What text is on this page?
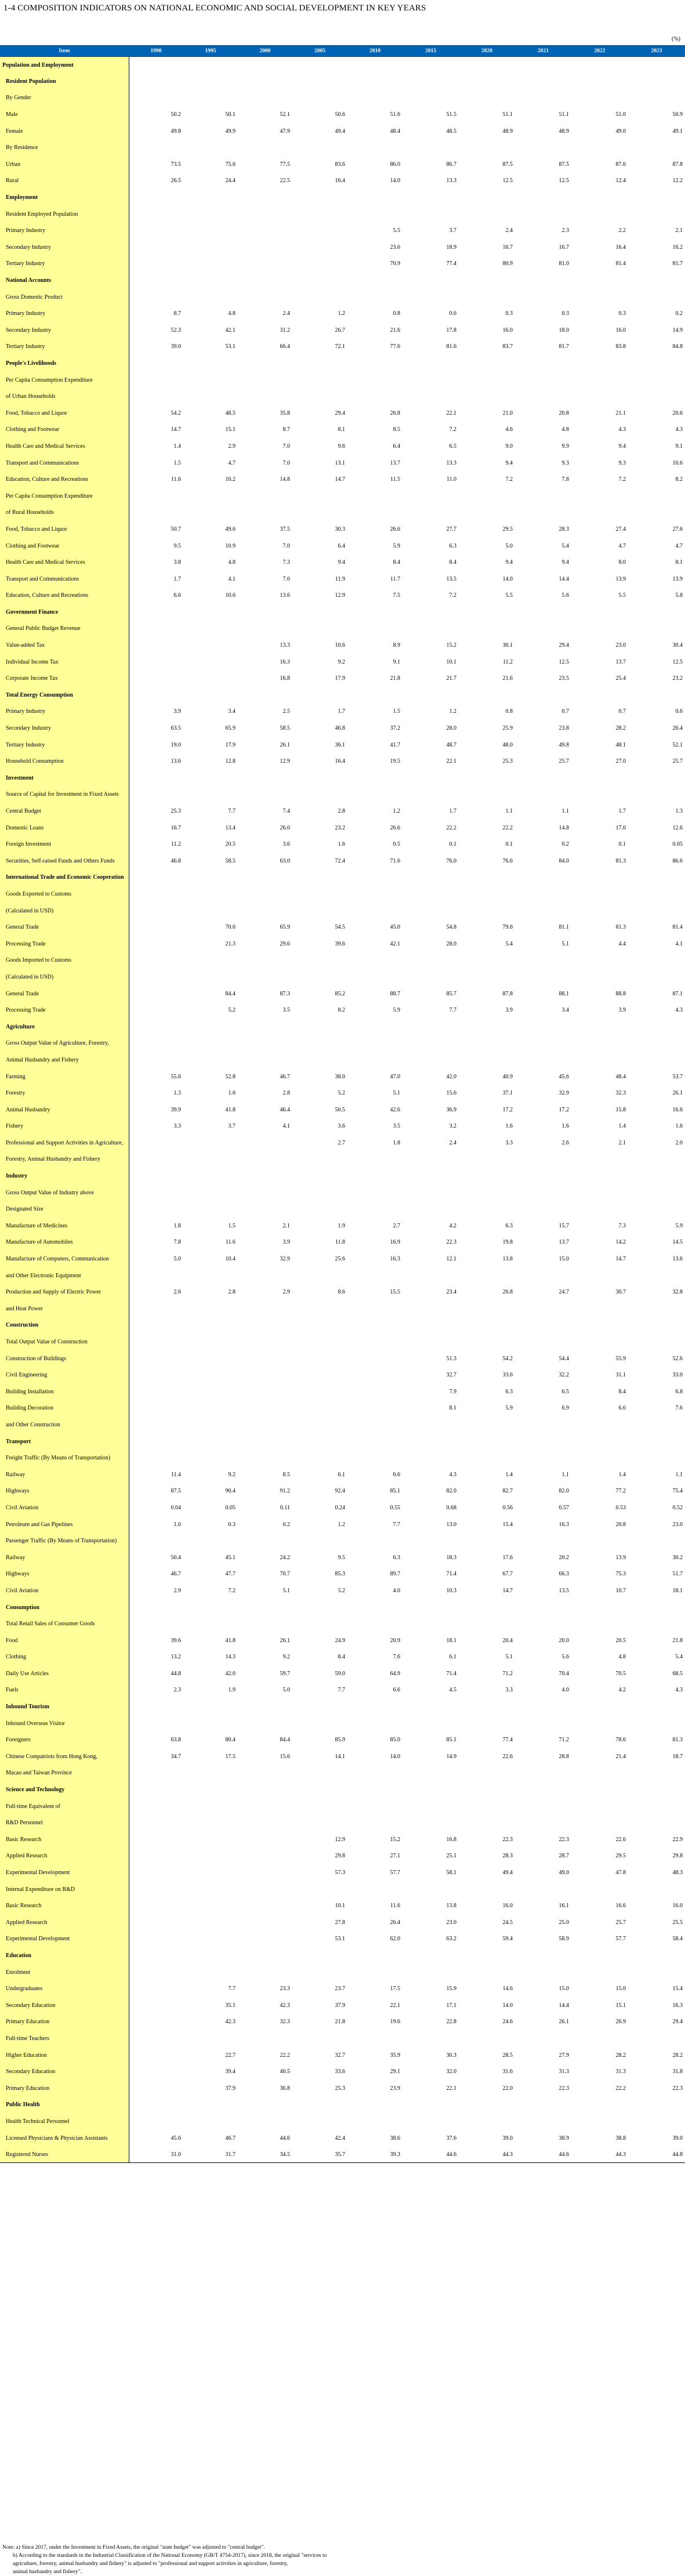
1-4 COMPOSITION INDICATORS ON NATIONAL ECONOMIC AND SOCIAL DEVELOPMENT IN KEY YEARS
(%)
Item	1990	1995	2000	2005	2010	2015	2020	2021	2022	2023
Population and Employment										
Resident Population										
By Gender										
Male	50.2	50.1	52.1	50.6	51.6	51.5	51.1	51.1	51.0	50.9
Female	49.8	49.9	47.9	49.4	48.4	48.5	48.9	48.9	49.0	49.1
By Residence										
Urban	73.5	75.6	77.5	83.6	86.0	86.7	87.5	87.5	87.6	87.8
Rural	26.5	24.4	22.5	16.4	14.0	13.3	12.5	12.5	12.4	12.2
Employment										
Resident Employed Population										
Primary Industry					5.5	3.7	2.4	2.3	2.2	2.1
Secondary Industry					23.6	18.9	16.7	16.7	16.4	16.2
Tertiary Industry					70.9	77.4	80.9	81.0	81.4	81.7
National Accounts										
Gross Domestic Product										
Primary Industry	8.7	4.8	2.4	1.2	0.8	0.6	0.3	0.3	0.3	0.2
Secondary Industry	52.3	42.1	31.2	26.7	21.6	17.8	16.0	18.0	16.0	14.9
Tertiary Industry	39.0	53.1	66.4	72.1	77.6	81.6	83.7	81.7	83.8	84.8
People's Livelihoods										
Per Capita Consumption Expenditure										
of Urban Households										
Food, Tobacco and Liquor	54.2	48.5	35.8	29.4	26.8	22.1	21.0	20.8	21.1	20.6
Clothing and Footwear	14.7	15.1	8.7	8.1	8.5	7.2	4.6	4.8	4.3	4.3
Health Care and Medical Services	1.4	2.9	7.0	9.6	6.4	6.5	9.0	9.9	9.4	9.1
Transport and Communications	1.5	4.7	7.0	13.1	13.7	13.3	9.4	9.3	9.3	10.6
Education, Culture and Recreations	11.6	10.2	14.8	14.7	11.5	11.0	7.2	7.8	7.2	8.2
Per Capita Consumption Expenditure										
of Rural Households										
Food, Tobacco and Liquor	50.7	49.6	37.5	30.3	26.6	27.7	29.5	28.3	27.4	27.6
Clothing and Footwear	9.5	10.9	7.0	6.4	5.9	6.3	5.0	5.4	4.7	4.7
Health Care and Medical Services	3.8	4.8	7.3	9.4	8.4	8.4	9.4	9.4	8.0	8.1
Transport and Communications	1.7	4.1	7.0	11.9	11.7	13.5	14.0	14.4	13.9	13.9
Education, Culture and Recreations	6.6	10.6	13.6	12.9	7.5	7.2	5.5	5.6	5.5	5.8
Government Finance										
General Public Budget Revenue										
Value-added Tax			13.3	10.6	8.9	15.2	30.1	29.4	23.0	30.4
Individual Income Tax			16.3	9.2	9.1	10.1	11.2	12.5	13.7	12.5
Corporate Income Tax			16.8	17.9	21.8	21.7	21.6	23.5	25.4	23.2
Total Energy Consumption										
Primary Industry	3.9	3.4	2.5	1.7	1.5	1.2	0.8	0.7	0.7	0.6
Secondary Industry	63.5	65.9	58.5	46.8	37.2	28.0	25.9	23.8	28.2	26.4
Tertiary Industry	19.0	17.9	26.1	36.1	41.7	48.7	48.0	49.8	48.1	52.1
Household Consumption	13.6	12.8	12.9	16.4	19.5	22.1	25.3	25.7	27.0	25.7
Investment										
Source of Capital for Investment in Fixed Assets										
Central Budget	25.3	7.7	7.4	2.8	1.2	1.7	1.1	1.1	1.7	1.3
Domestic Loans	16.7	13.4	26.0	23.2	26.6	22.2	22.2	14.8	17.0	12.6
Foreign Investment	11.2	20.5	3.6	1.6	0.5	0.1	0.1	0.2	0.1	0.05
Securities, Self-raised Funds and Others Funds	46.8	58.5	63.0	72.4	71.6	76.0	76.6	84.0	81.3	86.6
International Trade and Economic Cooperation										
Goods Exported to Customs										
(Calculated in USD)										
General Trade		70.6	65.9	54.5	45.0	54.8	79.6	81.1	81.3	81.4
Processing Trade		21.3	29.6	39.6	42.1	28.0	5.4	5.1	4.4	4.1
Goods Imported to Customs										
(Calculated in USD)										
General Trade		84.4	87.3	85.2	88.7	85.7	87.8	88.1	88.8	87.1
Processing Trade		5.2	3.5	8.2	5.9	7.7	3.9	3.4	3.9	4.3
Agriculture										
Gross Output Value of Agriculture, Forestry,										
Animal Husbandry and Fishery										
Farming	55.6	52.8	46.7	38.0	47.0	42.0	40.9	45.6	48.4	53.7
Forestry	1.3	1.6	2.8	5.2	5.1	15.6	37.1	32.9	32.3	26.1
Animal Husbandry	39.9	41.8	46.4	50.5	42.6	36.9	17.2	17.2	15.8	16.6
Fishery	3.3	3.7	4.1	3.6	3.5	3.2	1.6	1.6	1.4	1.6
Professional and Support Activities in Agriculture,				2.7	1.8	2.4	3.3	2.6	2.1	2.0
Forestry, Animal Husbandry and Fishery										
Industry										
Gross Output Value of Industry above										
Designated Size										
Manufacture of Medicines	1.8	1.5	2.1	1.9	2.7	4.2	6.3	15.7	7.3	5.9
Manufacture of Automobiles	7.8	11.6	3.9	11.8	16.9	22.3	19.8	13.7	14.2	14.5
Manufacture of Computers, Communication	5.0	10.4	32.9	25.6	16.3	12.1	13.8	15.0	14.7	13.6
and Other Electronic Equipment										
Production and Supply of Electric Power	2.6	2.8	2.9	8.6	15.5	23.4	26.8	24.7	30.7	32.8
and Heat Power										
Construction										
Total Output Value of Construction										
Construction of Buildings						51.3	54.2	54.4	55.9	52.6
Civil Engineering						32.7	33.6	32.2	31.1	33.0
Building Installation						7.9	6.3	6.5	8.4	6.8
Building Decoration						8.1	5.9	6.9	6.6	7.6
and Other Construction										
Transport										
Freight Traffic (By Means of Transportation)										
Railway	11.4	9.2	8.5	6.1	6.6	4.3	1.4	1.1	1.4	1.1
Highways	87.5	90.4	91.2	92.4	85.1	82.0	82.7	82.0	77.2	75.4
Civil Aviation	0.04	0.05	0.11	0.24	0.55	0.68	0.56	0.57	0.53	0.52
Petroleum and Gas Pipelines	1.0	0.3	0.2	1.2	7.7	13.0	15.4	16.3	20.8	23.0
Passenger Traffic (By Means of Transportation)										
Railway	50.4	45.1	24.2	9.5	6.3	18.3	17.6	20.2	13.9	30.2
Highways	46.7	47.7	70.7	85.3	89.7	71.4	67.7	66.3	75.3	51.7
Civil Aviation	2.9	7.2	5.1	5.2	4.0	10.3	14.7	13.5	10.7	18.1
Consumption										
Total Retail Sales of Consumer Goods										
Food	39.6	41.8	26.1	24.9	20.9	18.1	20.4	20.0	20.5	21.8
Clothing	13.2	14.3	9.2	8.4	7.6	6.1	5.1	5.6	4.8	5.4
Daily Use Articles	44.8	42.0	59.7	59.0	64.9	71.4	71.2	70.4	70.5	68.5
Fuels	2.3	1.9	5.0	7.7	6.6	4.5	3.3	4.0	4.2	4.3
Inbound Tourism										
Inbound Overseas Visitor										
Foreigners	63.8	80.4	84.4	85.9	85.0	85.1	77.4	71.2	78.6	81.3
Chinese Compatriots from Hong Kong,	34.7	17.5	15.6	14.1	14.0	14.9	22.6	28.8	21.4	18.7
Macao and Taiwan Province										
Science and Technology										
Full-time Equivalent of										
R&D Personnel										
Basic Research				12.9	15.2	16.8	22.3	22.3	22.6	22.9
Applied Research				29.8	27.1	25.1	28.3	28.7	29.5	29.8
Experimental Development				57.3	57.7	58.1	49.4	49.0	47.8	48.3
Internal Expenditure on R&D										
Basic Research				10.1	11.6	13.8	16.0	16.1	16.6	16.0
Applied Research				27.8	26.4	23.0	24.5	25.0	25.7	25.5
Experimental Development				53.1	62.0	63.2	59.4	58.9	57.7	58.4
Education										
Enrolment										
Undergraduates		7.7	23.3	23.7	17.5	15.9	14.6	15.0	15.0	15.4
Secondary Education		35.1	42.3	37.9	22.1	17.1	14.0	14.4	15.1	16.3
Primary Education		42.3	32.3	21.8	19.6	22.8	24.6	26.1	26.9	29.4
Full-time Teachers										
Higher Education		22.7	22.2	32.7	35.9	30.3	28.5	27.9	28.2	28.2
Secondary Education		39.4	40.5	33.6	29.1	32.0	31.6	31.3	31.3	31.8
Primary Education		37.9	36.8	25.3	23.9	22.1	22.0	22.3	22.2	22.3
Public Health										
Health Technical Personnel										
Licensed Physicians & Physician Assistants	45.6	46.7	44.6	42.4	38.6	37.6	39.0	38.9	38.8	39.0
Registered Nurses	31.0	31.7	34.5	35.7	39.3	44.6	44.3	44.6	44.3	44.8
Note: a) Since 2017, under the Investment in Fixed Assets, the original "state budget" was adjusted to "central budget".
b) According to the standards in the Industrial Classification of the National Economy (GB/T 4754-2017), since 2018, the original "services to
agriculture, forestry, animal husbandry and fishery" is adjusted to "professional and support activities in agriculture, forestry,
animal husbandry and fishery".
